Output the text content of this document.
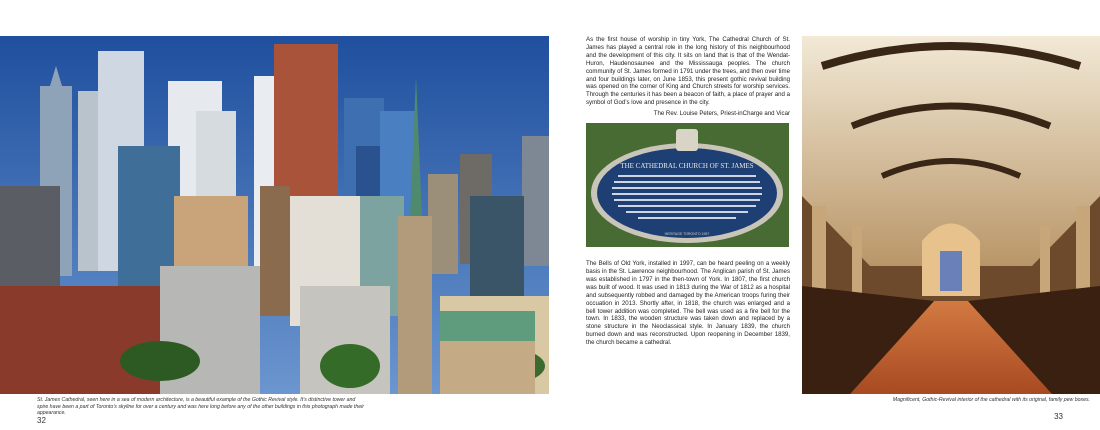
St. James Cathedral, seen here in a sea of modern architecture, is a beautiful example of the Gothic Revival style. It’s distinctive tower and spire have been a part of Toronto’s skyline for over a century and was here long before any of the other buildings in this photograph made their appearance.
32

As the first house of worship in tiny York, The Cathedral Church of St. James has played a central role in the long history of this neighbourhood and the development of this city. It sits on land that is that of the Wendat-Huron, Haudenosaunee and the Mississauga peoples. The church community of St. James formed in 1791 under the trees, and then over time and four buildings later, on June 1853, this present gothic revival building was opened on the corner of King and Church streets for worship services. Through the centuries it has been a beacon of faith, a place of prayer and a symbol of God’s love and presence in the city.

The Rev. Louise Peters, Priest-inCharge and Vicar
THE CATHEDRAL CHURCH OF ST. JAMES
HERITAGE TORONTO 1997

The Bells of Old York, installed in 1997, can be heard peeling on a weekly basis in the St. Lawrence neighbourhood. The Anglican parish of St. James was established in 1797 in the then-town of York. In 1807, the first church was built of wood. It was used in 1813 during the War of 1812 as a hospital and subsequently robbed and damaged by the American troops furing their occuation in 2013. Shortly after, in 1818, the church was enlarged and a bell tower addition was completed. The bell was used as a fire bell for the town. In 1833, the wooden structure was taken down and replaced by a stone structure in the Neoclassical style. In January 1839, the church burned down and was reconstructed. Upon reopening in December 1839, the church became a cathedral.

Magnificent, Gothic-Revival interior of the cathedral with its original, family pew boxes.
33
